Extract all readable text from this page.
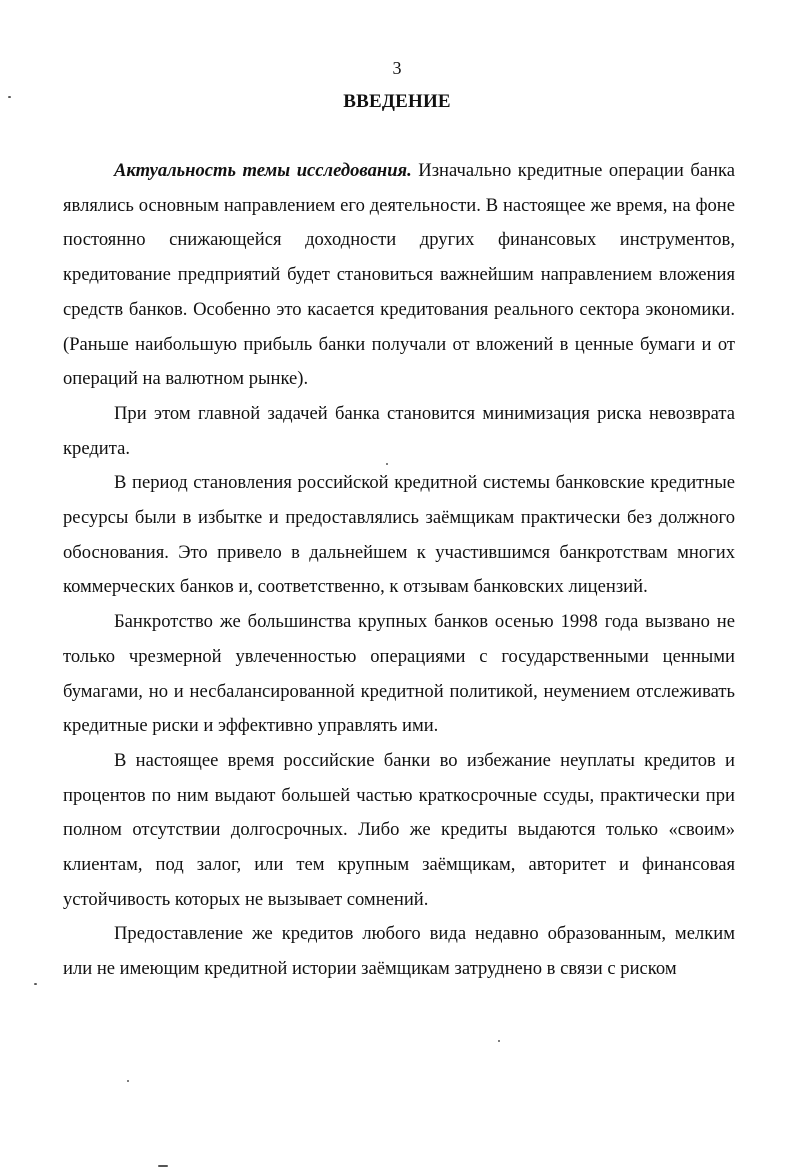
3
ВВЕДЕНИЕ

Актуальность темы исследования. Изначально кредитные операции банка являлись основным направлением его деятельности. В настоящее же время, на фоне постоянно снижающейся доходности других финансовых инструментов, кредитование предприятий будет становиться важнейшим направлением вложения средств банков. Особенно это касается кредитования реального сектора экономики. (Раньше наибольшую прибыль банки получали от вложений в ценные бумаги и от операций на валютном рынке).

При этом главной задачей банка становится минимизация риска невозврата кредита.

В период становления российской кредитной системы банковские кредитные ресурсы были в избытке и предоставлялись заёмщикам практически без должного обоснования. Это привело в дальнейшем к участившимся банкротствам многих коммерческих банков и, соответственно, к отзывам банковских лицензий.

Банкротство же большинства крупных банков осенью 1998 года вызвано не только чрезмерной увлеченностью операциями с государственными ценными бумагами, но и несбалансированной кредитной политикой, неумением отслеживать кредитные риски и эффективно управлять ими.

В настоящее время российские банки во избежание неуплаты кредитов и процентов по ним выдают большей частью краткосрочные ссуды, практически при полном отсутствии долгосрочных. Либо же кредиты выдаются только «своим» клиентам, под залог, или тем крупным заёмщикам, авторитет и финансовая устойчивость которых не вызывает сомнений.

Предоставление же кредитов любого вида недавно образованным, мелким или не имеющим кредитной истории заёмщикам затруднено в связи с риском
